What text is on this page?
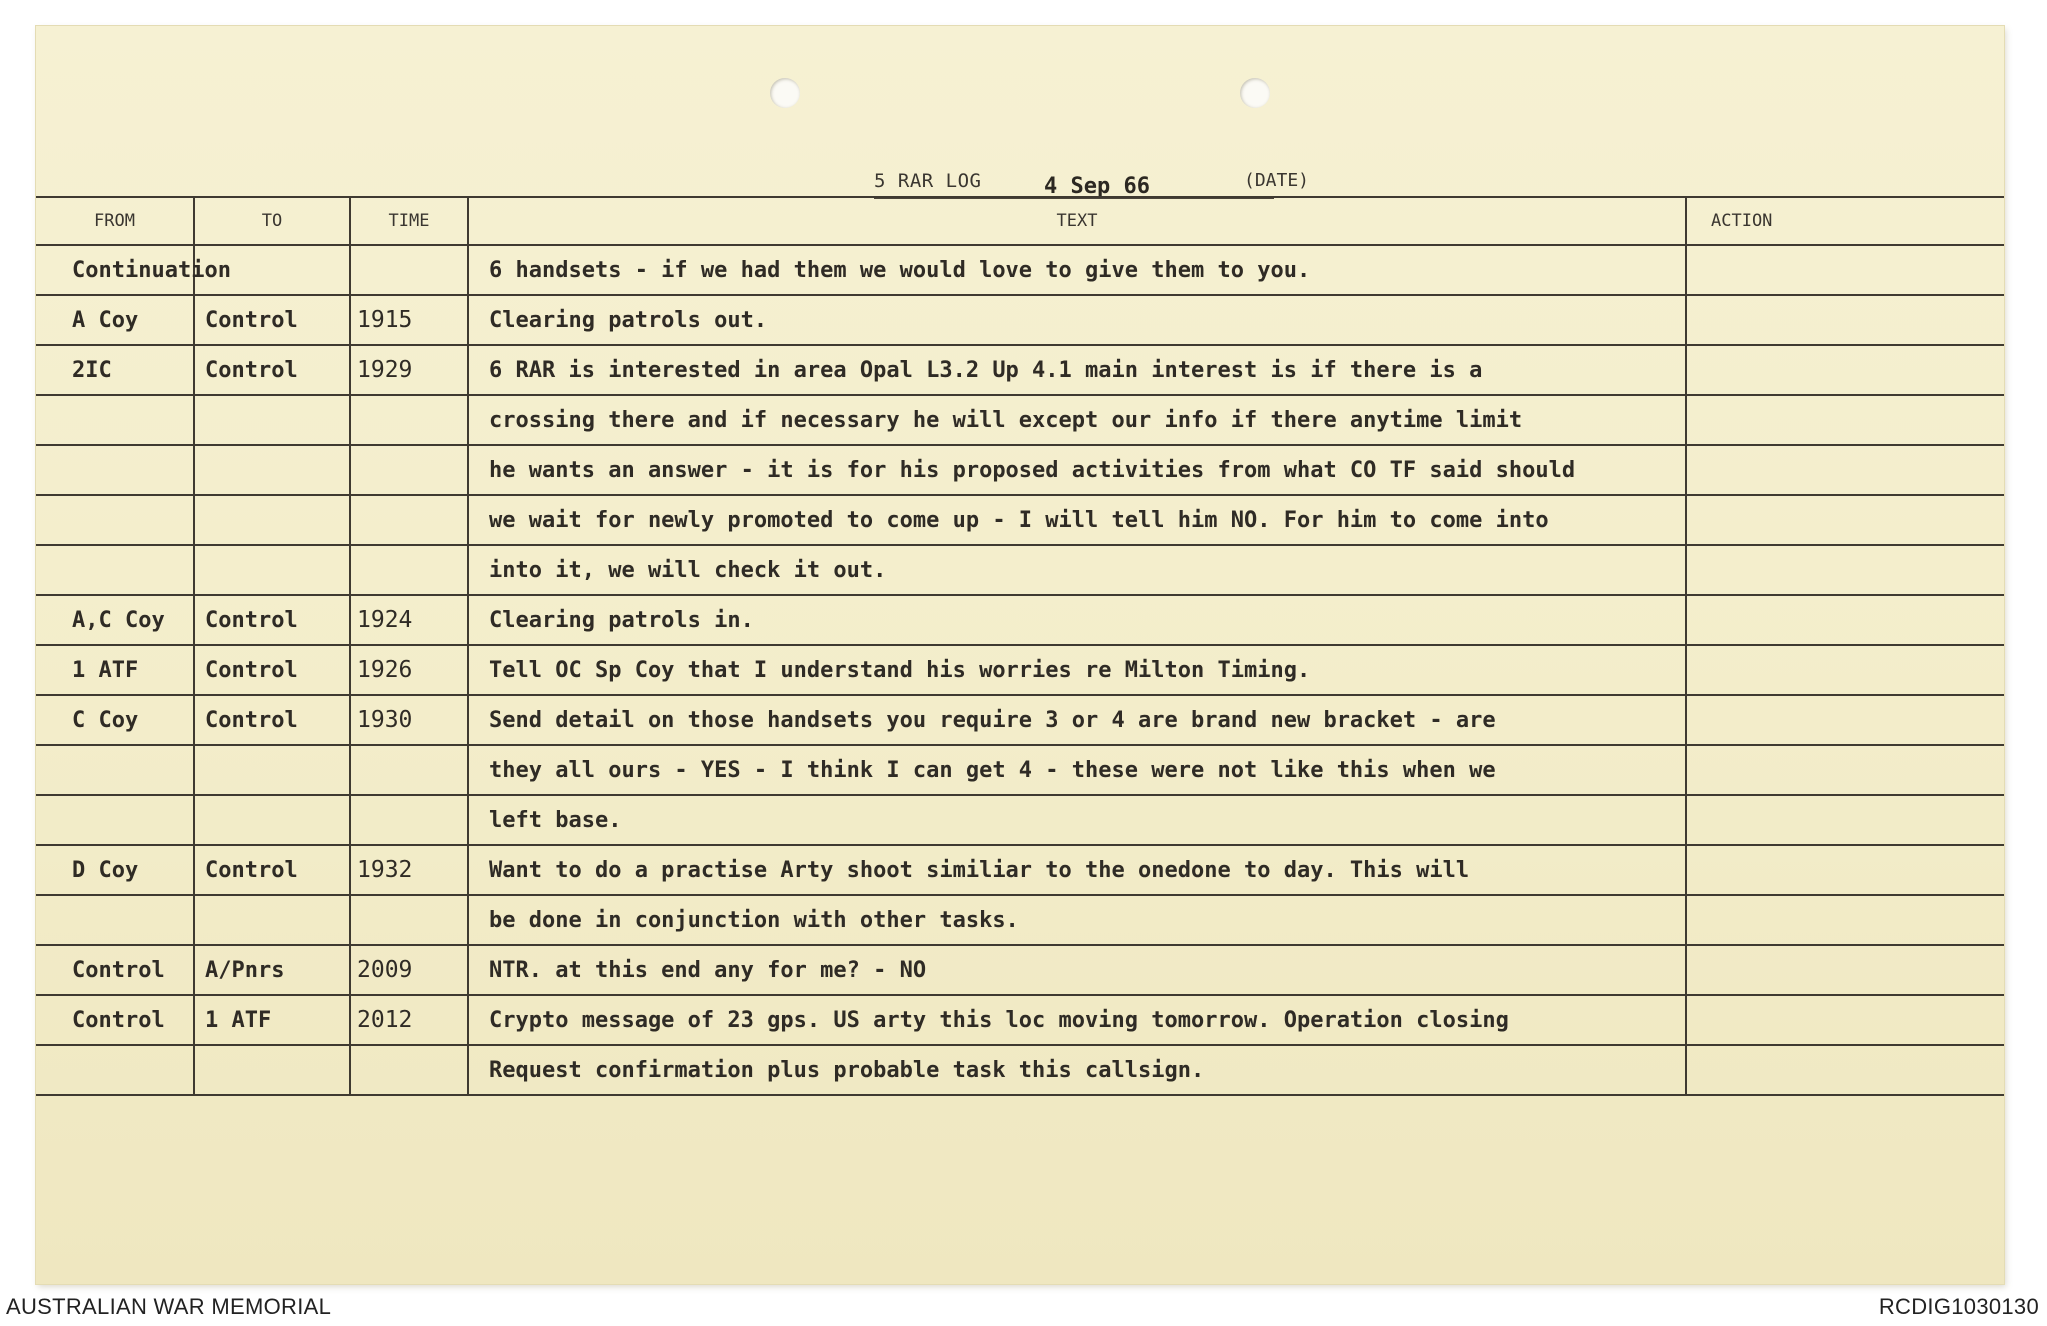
5 RAR LOG	4 Sep 66	(DATE)
FROM	TO	TIME	TEXT	ACTION
Continuation			6 handsets - if we had them we would love to give them to you.	
A Coy	Control	1915	Clearing patrols out.	
2IC	Control	1929	6 RAR is interested in area Opal L3.2 Up 4.1 main interest is if there is a	
			crossing there and if necessary he will except our info if there anytime limit	
			he wants an answer - it is for his proposed activities from what CO TF said should	
			we wait for newly promoted to come up - I will tell him NO. For him to come into	
			into it, we will check it out.	
A,C Coy	Control	1924	Clearing patrols in.	
1 ATF	Control	1926	Tell OC Sp Coy that I understand his worries re Milton Timing.	
C Coy	Control	1930	Send detail on those handsets you require 3 or 4 are brand new bracket - are	
			they all ours - YES - I think I can get 4 - these were not like this when we	
			left base.	
D Coy	Control	1932	Want to do a practise Arty shoot similiar to the onedone to day. This will	
			be done in conjunction with other tasks.	
Control	A/Pnrs	2009	NTR. at this end any for me? - NO	
Control	1 ATF	2012	Crypto message of 23 gps. US arty this loc moving tomorrow. Operation closing	
			Request confirmation plus probable task this callsign.	
AUSTRALIAN WAR MEMORIAL	RCDIG1030130
